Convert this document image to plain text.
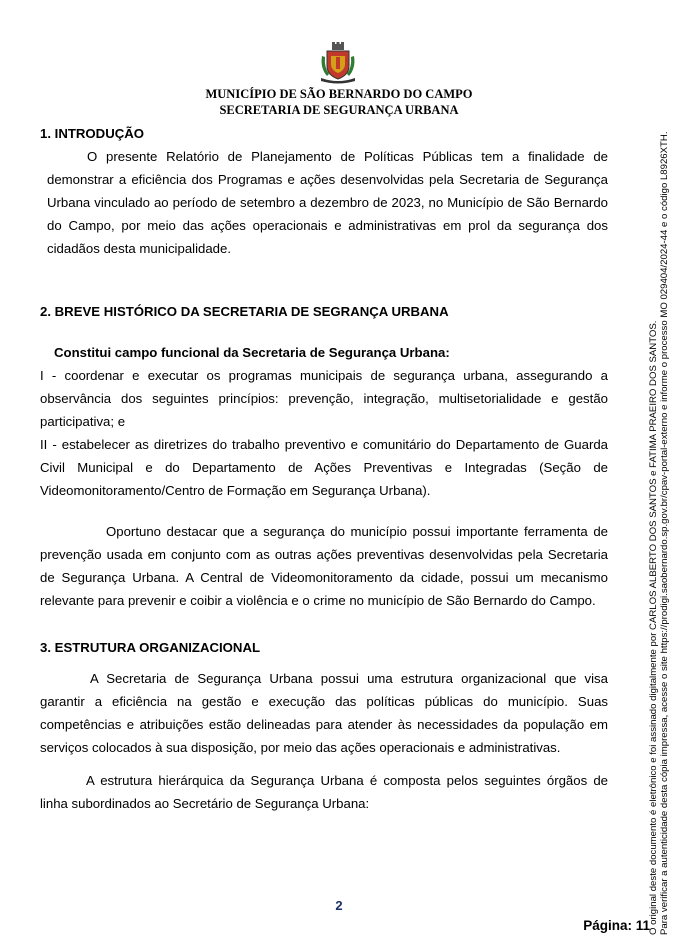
MUNICÍPIO DE SÃO BERNARDO DO CAMPO
SECRETARIA DE SEGURANÇA URBANA

1. INTRODUÇÃO

O presente Relatório de Planejamento de Políticas Públicas tem a finalidade de demonstrar a eficiência dos Programas e ações desenvolvidas pela Secretaria de Segurança Urbana vinculado ao período de setembro a dezembro de 2023, no Município de São Bernardo do Campo, por meio das ações operacionais e administrativas em prol da segurança dos cidadãos desta municipalidade.

2. BREVE HISTÓRICO DA SECRETARIA DE SEGRANÇA URBANA

Constitui campo funcional da Secretaria de Segurança Urbana:

I - coordenar e executar os programas municipais de segurança urbana, assegurando a observância dos seguintes princípios: prevenção, integração, multisetorialidade e gestão participativa; e

II - estabelecer as diretrizes do trabalho preventivo e comunitário do Departamento de Guarda Civil Municipal e do Departamento de Ações Preventivas e Integradas (Seção de Videomonitoramento/Centro de Formação em Segurança Urbana).

Oportuno destacar que a segurança do município possui importante ferramenta de prevenção usada em conjunto com as outras ações preventivas desenvolvidas pela Secretaria de Segurança Urbana. A Central de Videomonitoramento da cidade, possui um mecanismo relevante para prevenir e coibir a violência e o crime no município de São Bernardo do Campo.

3. ESTRUTURA ORGANIZACIONAL

A Secretaria de Segurança Urbana possui uma estrutura organizacional que visa garantir a eficiência na gestão e execução das políticas públicas do município. Suas competências e atribuições estão delineadas para atender às necessidades da população em serviços colocados à sua disposição, por meio das ações operacionais e administrativas.

A estrutura hierárquica da Segurança Urbana é composta pelos seguintes órgãos de linha subordinados ao Secretário de Segurança Urbana:

2
Página: 11
O original deste documento é eletrônico e foi assinado digitalmente por CARLOS ALBERTO DOS SANTOS e FATIMA PRAEIRO DOS SANTOS. Para verificar a autenticidade desta cópia impressa, acesse o site https://prodigi.saobernardo.sp.gov.br/cpav-portal-externo e informe o processo MO 029404/2024-44 e o código L8926XTH.
